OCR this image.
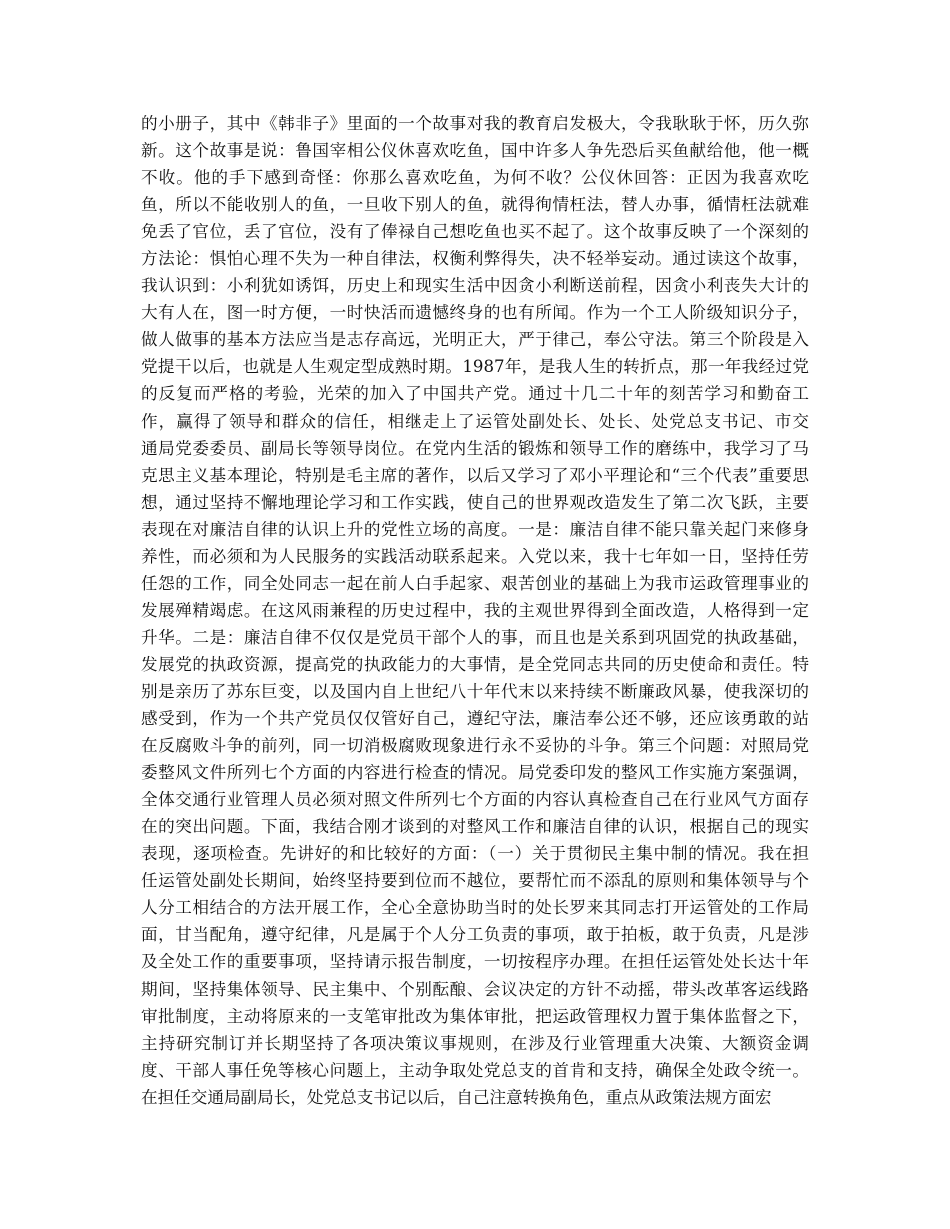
的小册子，其中《韩非子》里面的一个故事对我的教育启发极大，令我耿耿于怀，历久弥
新。这个故事是说：鲁国宰相公仪休喜欢吃鱼，国中许多人争先恐后买鱼献给他，他一概
不收。他的手下感到奇怪：你那么喜欢吃鱼，为何不收？公仪休回答：正因为我喜欢吃
鱼，所以不能收别人的鱼，一旦收下别人的鱼，就得徇情枉法，替人办事，循情枉法就难
免丢了官位，丢了官位，没有了俸禄自己想吃鱼也买不起了。这个故事反映了一个深刻的
方法论：惧怕心理不失为一种自律法，权衡利弊得失，决不轻举妄动。通过读这个故事，
我认识到：小利犹如诱饵，历史上和现实生活中因贪小利断送前程，因贪小利丧失大计的
大有人在，图一时方便，一时快活而遗憾终身的也有所闻。作为一个工人阶级知识分子，
做人做事的基本方法应当是志存高远，光明正大，严于律己，奉公守法。第三个阶段是入
党提干以后，也就是人生观定型成熟时期。1987年，是我人生的转折点，那一年我经过党
的反复而严格的考验，光荣的加入了中国共产党。通过十几二十年的刻苦学习和勤奋工
作，赢得了领导和群众的信任，相继走上了运管处副处长、处长、处党总支书记、市交
通局党委委员、副局长等领导岗位。在党内生活的锻炼和领导工作的磨练中，我学习了马
克思主义基本理论，特别是毛主席的著作，以后又学习了邓小平理论和“三个代表”重要思
想，通过坚持不懈地理论学习和工作实践，使自己的世界观改造发生了第二次飞跃，主要
表现在对廉洁自律的认识上升的党性立场的高度。一是：廉洁自律不能只靠关起门来修身
养性，而必须和为人民服务的实践活动联系起来。入党以来，我十七年如一日，坚持任劳
任怨的工作，同全处同志一起在前人白手起家、艰苦创业的基础上为我市运政管理事业的
发展殚精竭虑。在这风雨兼程的历史过程中，我的主观世界得到全面改造，人格得到一定
升华。二是：廉洁自律不仅仅是党员干部个人的事，而且也是关系到巩固党的执政基础，
发展党的执政资源，提高党的执政能力的大事情，是全党同志共同的历史使命和责任。特
别是亲历了苏东巨变，以及国内自上世纪八十年代末以来持续不断廉政风暴，使我深切的
感受到，作为一个共产党员仅仅管好自己，遵纪守法，廉洁奉公还不够，还应该勇敢的站
在反腐败斗争的前列，同一切消极腐败现象进行永不妥协的斗争。第三个问题：对照局党
委整风文件所列七个方面的内容进行检查的情况。局党委印发的整风工作实施方案强调，
全体交通行业管理人员必须对照文件所列七个方面的内容认真检查自己在行业风气方面存
在的突出问题。下面，我结合刚才谈到的对整风工作和廉洁自律的认识，根据自己的现实
表现，逐项检查。先讲好的和比较好的方面：（一）关于贯彻民主集中制的情况。我在担
任运管处副处长期间，始终坚持要到位而不越位，要帮忙而不添乱的原则和集体领导与个
人分工相结合的方法开展工作，全心全意协助当时的处长罗来其同志打开运管处的工作局
面，甘当配角，遵守纪律，凡是属于个人分工负责的事项，敢于拍板，敢于负责，凡是涉
及全处工作的重要事项，坚持请示报告制度，一切按程序办理。在担任运管处处长达十年
期间，坚持集体领导、民主集中、个别酝酿、会议决定的方针不动摇，带头改革客运线路
审批制度，主动将原来的一支笔审批改为集体审批，把运政管理权力置于集体监督之下，
主持研究制订并长期坚持了各项决策议事规则，在涉及行业管理重大决策、大额资金调
度、干部人事任免等核心问题上，主动争取处党总支的首肯和支持，确保全处政令统一。
在担任交通局副局长，处党总支书记以后，自己注意转换角色，重点从政策法规方面宏
